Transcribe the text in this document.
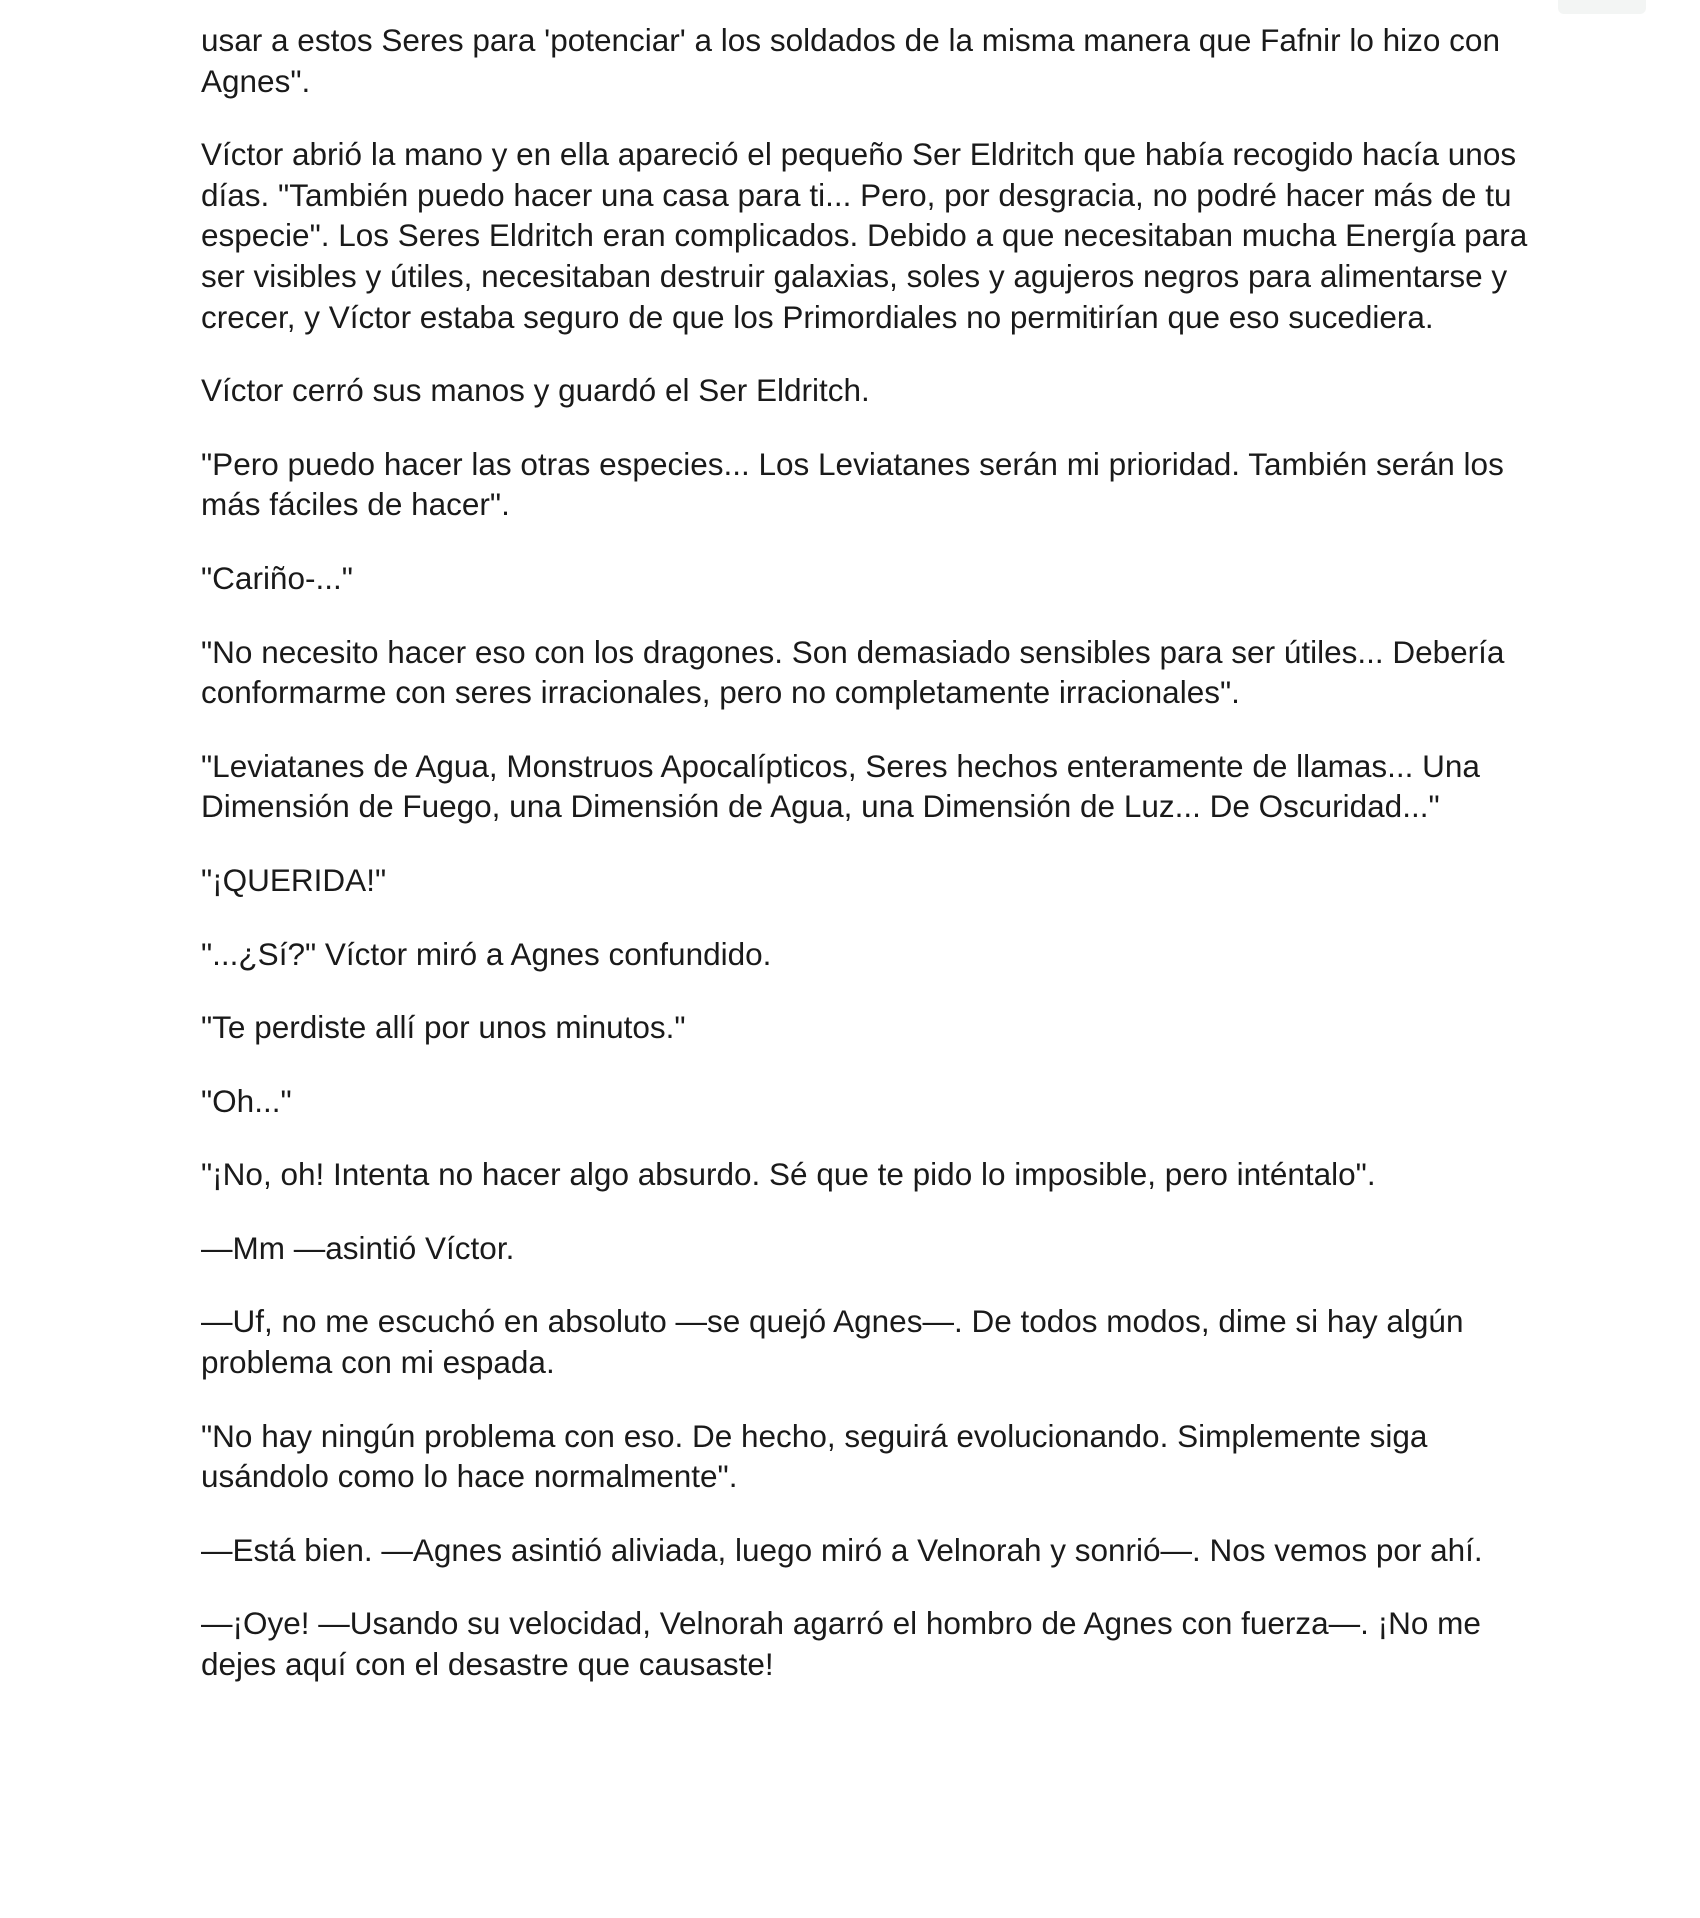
usar a estos Seres para 'potenciar' a los soldados de la misma manera que Fafnir lo hizo con Agnes".

Víctor abrió la mano y en ella apareció el pequeño Ser Eldritch que había recogido hacía unos días. "También puedo hacer una casa para ti... Pero, por desgracia, no podré hacer más de tu especie". Los Seres Eldritch eran complicados. Debido a que necesitaban mucha Energía para ser visibles y útiles, necesitaban destruir galaxias, soles y agujeros negros para alimentarse y crecer, y Víctor estaba seguro de que los Primordiales no permitirían que eso sucediera.

Víctor cerró sus manos y guardó el Ser Eldritch.

"Pero puedo hacer las otras especies... Los Leviatanes serán mi prioridad. También serán los más fáciles de hacer".

"Cariño-..."

"No necesito hacer eso con los dragones. Son demasiado sensibles para ser útiles... Debería conformarme con seres irracionales, pero no completamente irracionales".

"Leviatanes de Agua, Monstruos Apocalípticos, Seres hechos enteramente de llamas... Una Dimensión de Fuego, una Dimensión de Agua, una Dimensión de Luz... De Oscuridad..."

"¡QUERIDA!"

"...¿Sí?" Víctor miró a Agnes confundido.

"Te perdiste allí por unos minutos."

"Oh..."

"¡No, oh! Intenta no hacer algo absurdo. Sé que te pido lo imposible, pero inténtalo".

—Mm —asintió Víctor.

—Uf, no me escuchó en absoluto —se quejó Agnes—. De todos modos, dime si hay algún problema con mi espada.

"No hay ningún problema con eso. De hecho, seguirá evolucionando. Simplemente siga usándolo como lo hace normalmente".

—Está bien. —Agnes asintió aliviada, luego miró a Velnorah y sonrió—. Nos vemos por ahí.

—¡Oye! —Usando su velocidad, Velnorah agarró el hombro de Agnes con fuerza—. ¡No me dejes aquí con el desastre que causaste!
